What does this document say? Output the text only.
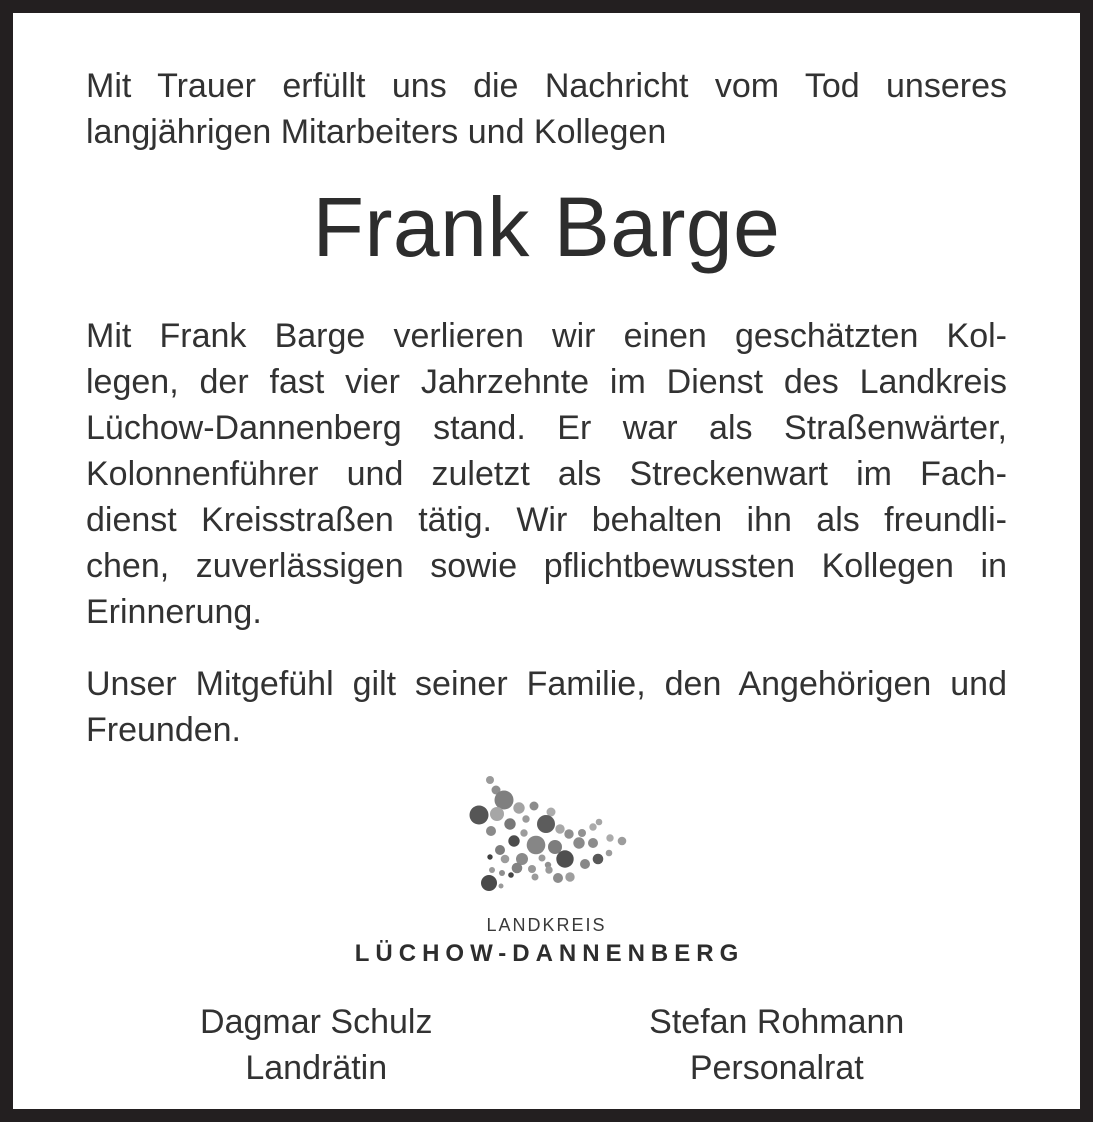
Mit Trauer erfüllt uns die Nachricht vom Tod unseres
langjährigen Mitarbeiters und Kollegen
Frank Barge
Mit Frank Barge verlieren wir einen geschätzten Kol-
legen, der fast vier Jahrzehnte im Dienst des Landkreis
Lüchow-Dannenberg stand. Er war als Straßenwärter,
Kolonnenführer und zuletzt als Streckenwart im Fach-
dienst Kreisstraßen tätig. Wir behalten ihn als freundli-
chen, zuverlässigen sowie pflichtbewussten Kollegen in
Erinnerung.
Unser Mitgefühl gilt seiner Familie, den Angehörigen und
Freunden.
LANDKREIS
LÜCHOW-DANNENBERG
Dagmar Schulz
Landrätin
Stefan Rohmann
Personalrat
